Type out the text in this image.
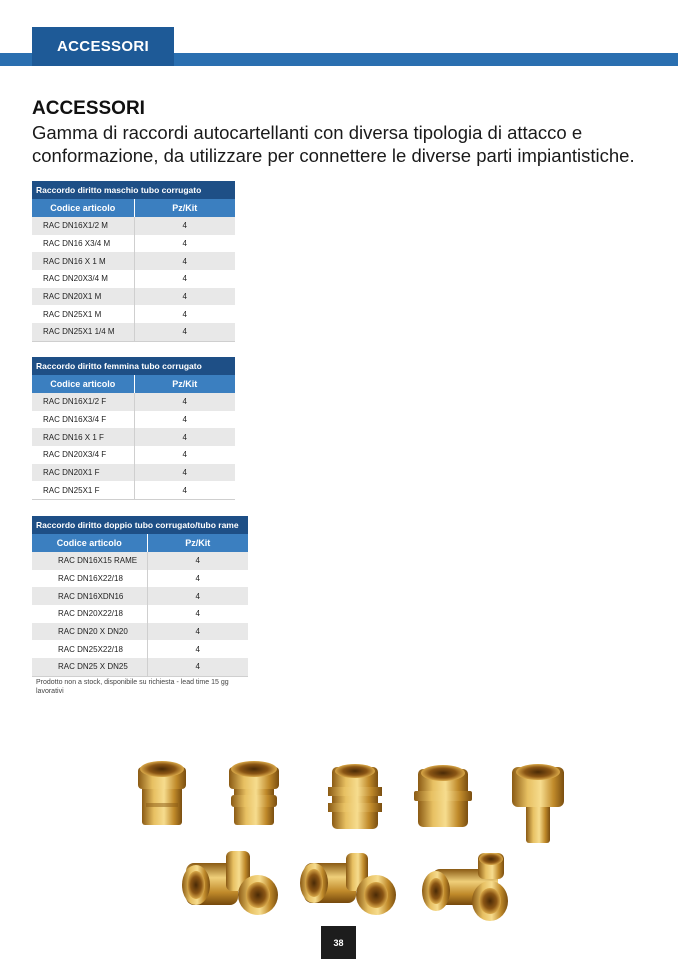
ACCESSORI
ACCESSORI
Gamma di raccordi autocartellanti con diversa tipologia di attacco e conformazione, da utilizzare per connettere le diverse parti impiantistiche.
Raccordo diritto maschio tubo corrugato	
Codice articolo	Pz/Kit
RAC DN16X1/2 M	4
RAC DN16 X3/4 M	4
RAC DN16 X 1 M	4
RAC DN20X3/4 M	4
RAC DN20X1 M	4
RAC DN25X1 M	4
RAC DN25X1 1/4 M	4
Raccordo diritto femmina tubo corrugato	
Codice articolo	Pz/Kit
RAC DN16X1/2 F	4
RAC DN16X3/4 F	4
RAC DN16 X 1 F	4
RAC DN20X3/4 F	4
RAC DN20X1 F	4
RAC DN25X1 F	4
Raccordo diritto doppio tubo corrugato/tubo rame	
Codice articolo	Pz/Kit
RAC DN16X15 RAME	4
RAC DN16X22/18	4
RAC DN16XDN16	4
RAC DN20X22/18	4
RAC DN20 X DN20	4
RAC DN25X22/18	4
RAC DN25 X DN25	4
Prodotto non a stock, disponibile su richiesta - lead time 15 gg lavorativi
38
